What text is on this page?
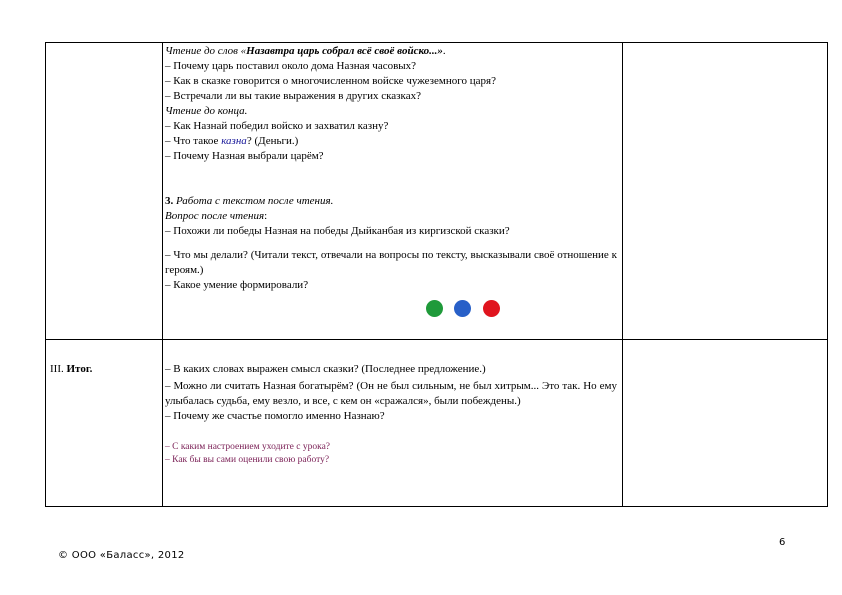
Чтение до слов «Назавтра царь собрал всё своё войско...».

– Почему царь поставил около дома Назная часовых?

– Как в сказке говорится о многочисленном войске чужеземного царя?

– Встречали ли вы такие выражения в других сказках?

Чтение до конца.

– Как Назнай победил войско и захватил казну?

– Что такое казна? (Деньги.)

– Почему Назная выбрали царём?

3. Работа с текстом после чтения.

Вопрос после чтения:

– Похожи ли победы Назная на победы Дыйканбая из киргизской сказки?

– Что мы делали? (Читали текст, отвечали на вопросы по тексту, высказывали своё отношение к героям.)

– Какое умение формировали?

III. Итог.	– В каких словах выражен смысл сказки? (Последнее предложение.)

– Можно ли считать Назная богатырём? (Он не был сильным, не был хитрым... Это так. Но ему улыбалась судьба, ему везло, и все, с кем он «сражался», были побеждены.)

– Почему же счастье помогло именно Назнаю?

– С каким настроением уходите с урока?

– Как бы вы сами оценили свою работу?

6
© ООО «Баласс», 2012
